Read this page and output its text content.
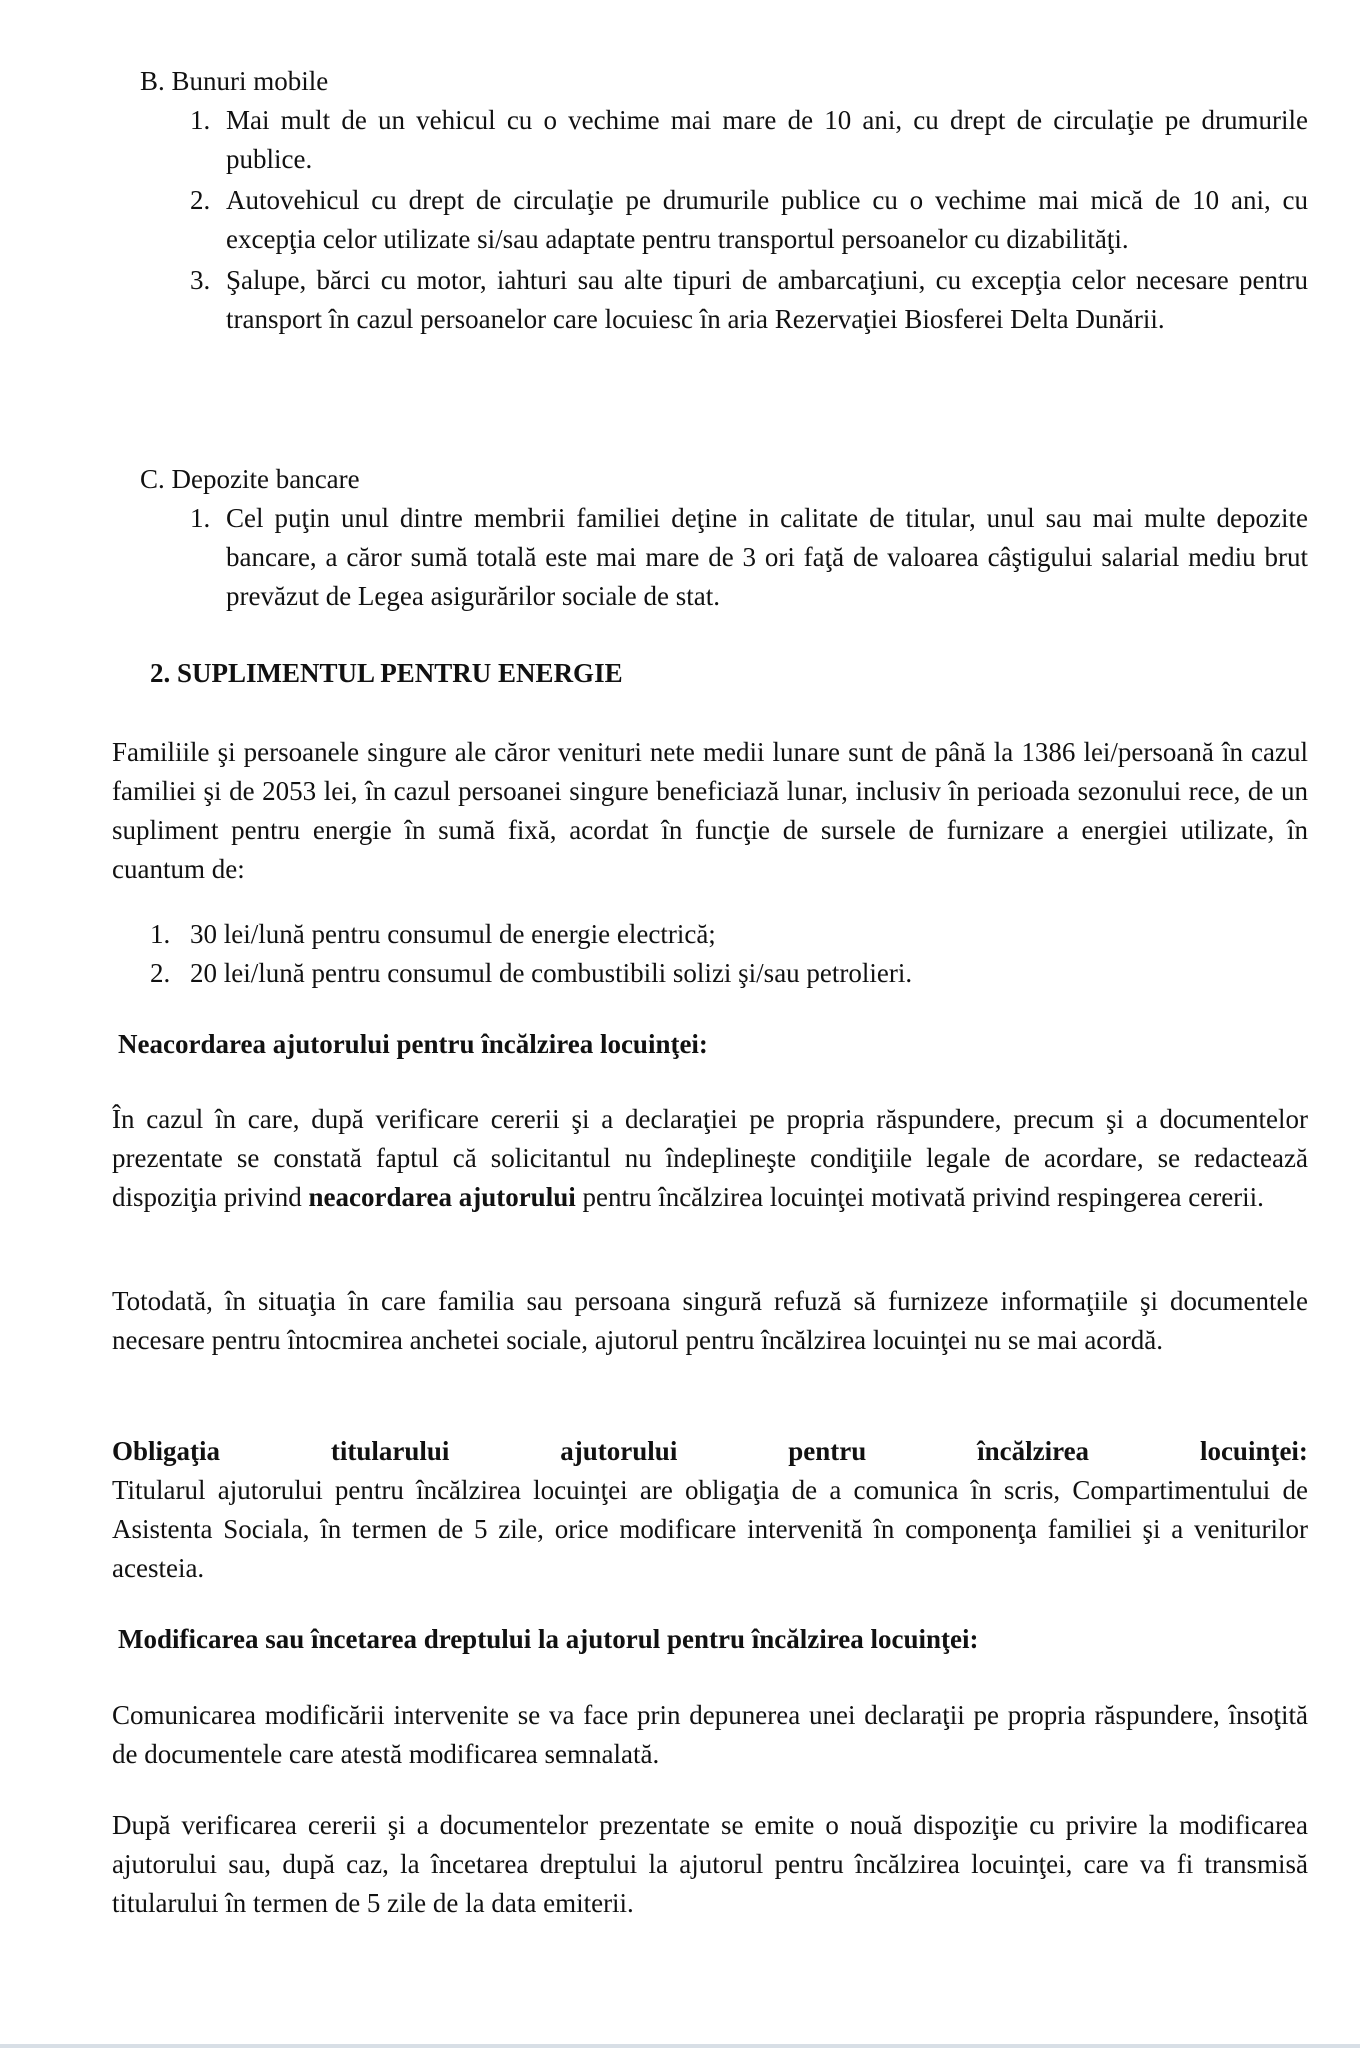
B. Bunuri mobile
1. Mai mult de un vehicul cu o vechime mai mare de 10 ani, cu drept de circulaţie pe drumurile publice.
2. Autovehicul cu drept de circulaţie pe drumurile publice cu o vechime mai mică de 10 ani, cu excepţia celor utilizate si/sau adaptate pentru transportul persoanelor cu dizabilităţi.
3. Şalupe, bărci cu motor, iahturi sau alte tipuri de ambarcaţiuni, cu excepţia celor necesare pentru transport în cazul persoanelor care locuiesc în aria Rezervaţiei Biosferei Delta Dunării.
C. Depozite bancare
1. Cel puţin unul dintre membrii familiei deţine in calitate de titular, unul sau mai multe depozite bancare, a căror sumă totală este mai mare de 3 ori faţă de valoarea câştigului salarial mediu brut prevăzut de Legea asigurărilor sociale de stat.
2. SUPLIMENTUL PENTRU ENERGIE
Familiile şi persoanele singure ale căror venituri nete medii lunare sunt de până la 1386 lei/persoană în cazul familiei şi de 2053 lei, în cazul persoanei singure beneficiază lunar, inclusiv în perioada sezonului rece, de un supliment pentru energie în sumă fixă, acordat în funcţie de sursele de furnizare a energiei utilizate, în cuantum de:
1. 30 lei/lună pentru consumul de energie electrică;
2. 20 lei/lună pentru consumul de combustibili solizi şi/sau petrolieri.
Neacordarea ajutorului pentru încălzirea locuinţei:
În cazul în care, după verificare cererii şi a declaraţiei pe propria răspundere, precum şi a documentelor prezentate se constată faptul că solicitantul nu îndeplineşte condiţiile legale de acordare, se redactează dispoziţia privind neacordarea ajutorului pentru încălzirea locuinţei motivată privind respingerea cererii.
Totodată, în situaţia în care familia sau persoana singură refuză să furnizeze informaţiile şi documentele necesare pentru întocmirea anchetei sociale, ajutorul pentru încălzirea locuinţei nu se mai acordă.
Obligaţia	titularului	ajutorului	pentru	încălzirea	locuinţei:
Titularul ajutorului pentru încălzirea locuinţei are obligaţia de a comunica în scris, Compartimentului de Asistenta Sociala, în termen de 5 zile, orice modificare intervenită în componenţa familiei şi a veniturilor acesteia.
Modificarea sau încetarea dreptului la ajutorul pentru încălzirea locuinţei:
Comunicarea modificării intervenite se va face prin depunerea unei declaraţii pe propria răspundere, însoţită de documentele care atestă modificarea semnalată.
După verificarea cererii şi a documentelor prezentate se emite o nouă dispoziţie cu privire la modificarea ajutorului sau, după caz, la încetarea dreptului la ajutorul pentru încălzirea locuinţei, care va fi transmisă titularului în termen de 5 zile de la data emiterii.
